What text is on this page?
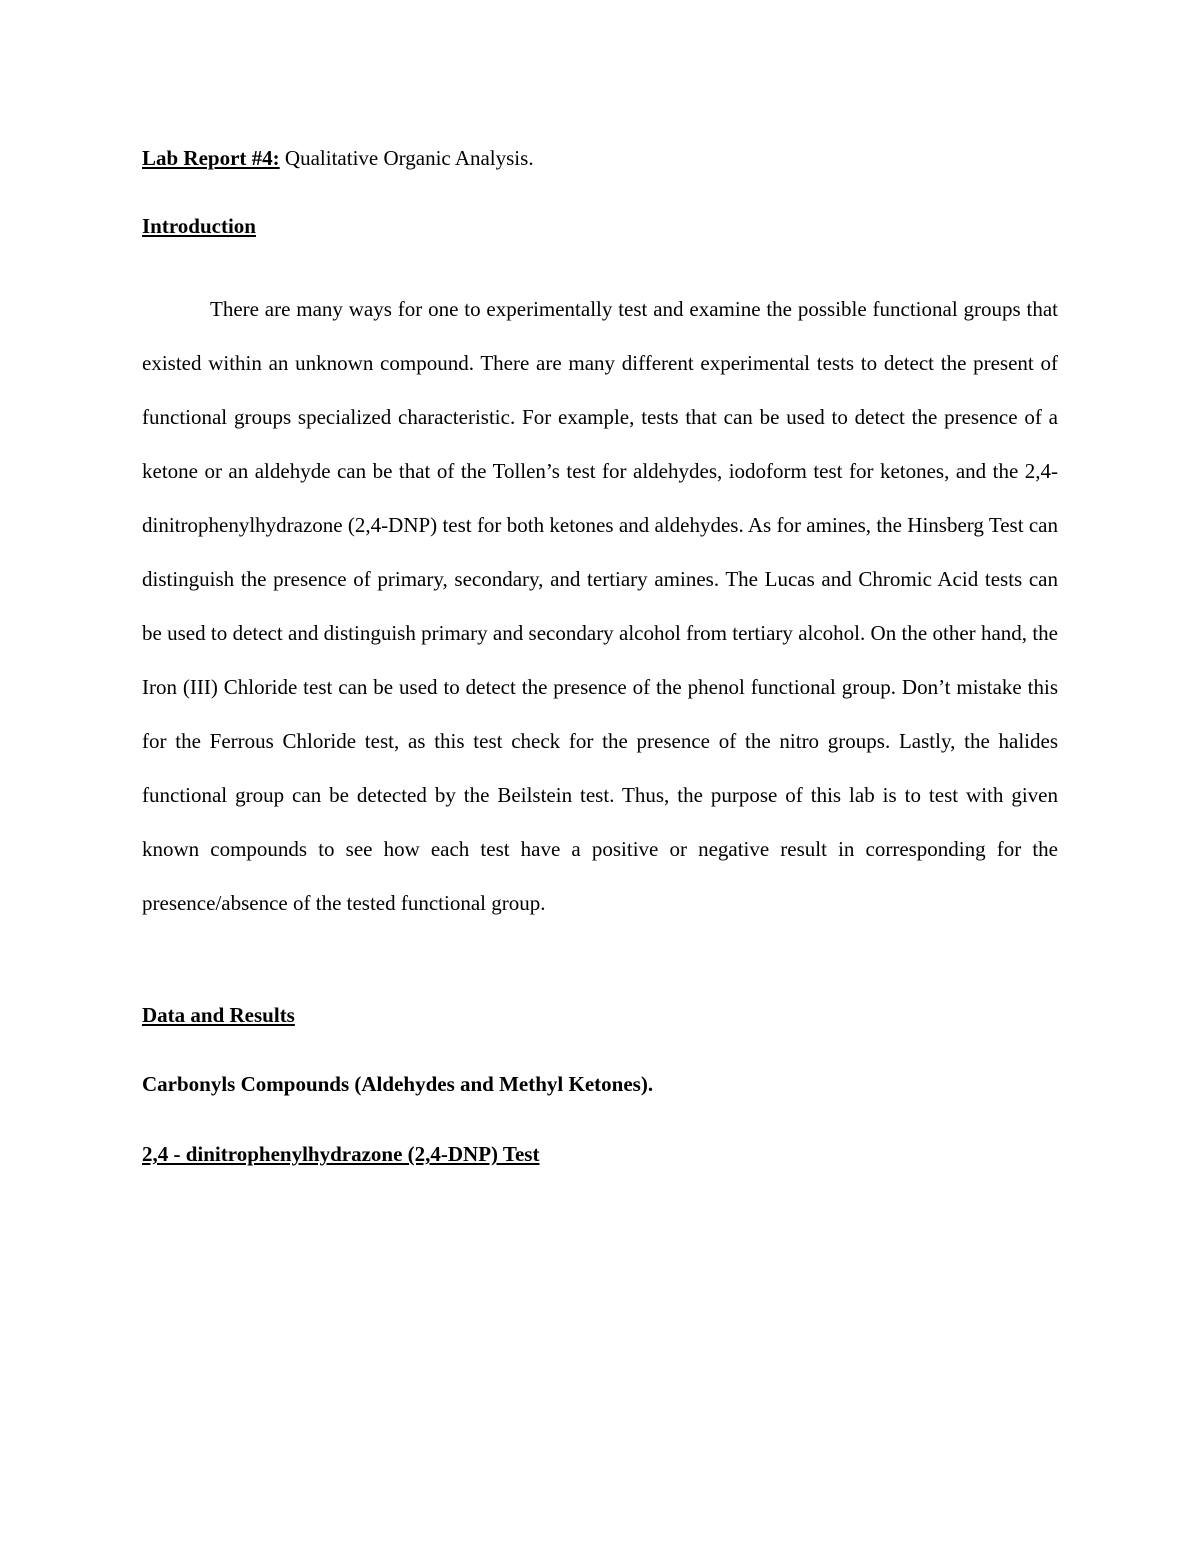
Lab Report #4: Qualitative Organic Analysis.
Introduction

There are many ways for one to experimentally test and examine the possible functional groups that existed within an unknown compound. There are many different experimental tests to detect the present of functional groups specialized characteristic. For example, tests that can be used to detect the presence of a ketone or an aldehyde can be that of the Tollen’s test for aldehydes, iodoform test for ketones, and the 2,4-dinitrophenylhydrazone (2,4-DNP) test for both ketones and aldehydes. As for amines, the Hinsberg Test can distinguish the presence of primary, secondary, and tertiary amines. The Lucas and Chromic Acid tests can be used to detect and distinguish primary and secondary alcohol from tertiary alcohol. On the other hand, the Iron (III) Chloride test can be used to detect the presence of the phenol functional group. Don’t mistake this for the Ferrous Chloride test, as this test check for the presence of the nitro groups. Lastly, the halides functional group can be detected by the Beilstein test. Thus, the purpose of this lab is to test with given known compounds to see how each test have a positive or negative result in corresponding for the presence/absence of the tested functional group.

Data and Results
Carbonyls Compounds (Aldehydes and Methyl Ketones).
2,4 - dinitrophenylhydrazone (2,4-DNP) Test
